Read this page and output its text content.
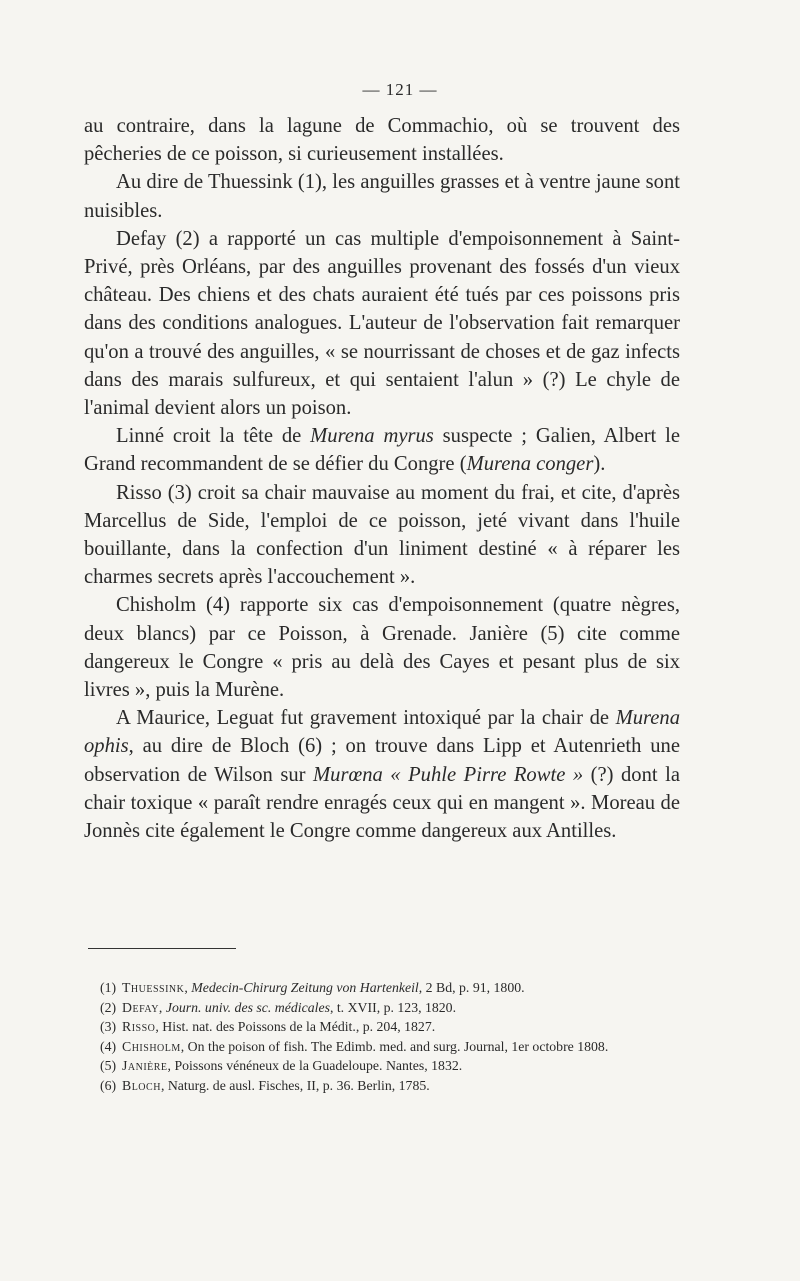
— 121 —

au contraire, dans la lagune de Commachio, où se trouvent des pêcheries de ce poisson, si curieusement installées.

Au dire de Thuessink (1), les anguilles grasses et à ventre jaune sont nuisibles.

Defay (2) a rapporté un cas multiple d'empoisonnement à Saint-Privé, près Orléans, par des anguilles provenant des fossés d'un vieux château. Des chiens et des chats auraient été tués par ces poissons pris dans des conditions analogues. L'auteur de l'observation fait remarquer qu'on a trouvé des anguilles, « se nourrissant de choses et de gaz infects dans des marais sulfureux, et qui sentaient l'alun » (?) Le chyle de l'animal devient alors un poison.

Linné croit la tête de Murena myrus suspecte ; Galien, Albert le Grand recommandent de se défier du Congre (Murena conger).

Risso (3) croit sa chair mauvaise au moment du frai, et cite, d'après Marcellus de Side, l'emploi de ce poisson, jeté vivant dans l'huile bouillante, dans la confection d'un liniment destiné « à réparer les charmes secrets après l'accouchement ».

Chisholm (4) rapporte six cas d'empoisonnement (quatre nègres, deux blancs) par ce Poisson, à Grenade. Janière (5) cite comme dangereux le Congre « pris au delà des Cayes et pesant plus de six livres », puis la Murène.

A Maurice, Leguat fut gravement intoxiqué par la chair de Murena ophis, au dire de Bloch (6) ; on trouve dans Lipp et Autenrieth une observation de Wilson sur Murœna « Puhle Pirre Rowte » (?) dont la chair toxique « paraît rendre enragés ceux qui en mangent ». Moreau de Jonnès cite également le Congre comme dangereux aux Antilles.

(1) Thuessink, Medecin-Chirurg Zeitung von Hartenkeil, 2 Bd, p. 91, 1800.

(2) Defay, Journ. univ. des sc. médicales, t. XVII, p. 123, 1820.

(3) Risso, Hist. nat. des Poissons de la Médit., p. 204, 1827.

(4) Chisholm, On the poison of fish. The Edimb. med. and surg. Journal, 1er octobre 1808.

(5) Janière, Poissons vénéneux de la Guadeloupe. Nantes, 1832.

(6) Bloch, Naturg. de ausl. Fisches, II, p. 36. Berlin, 1785.
